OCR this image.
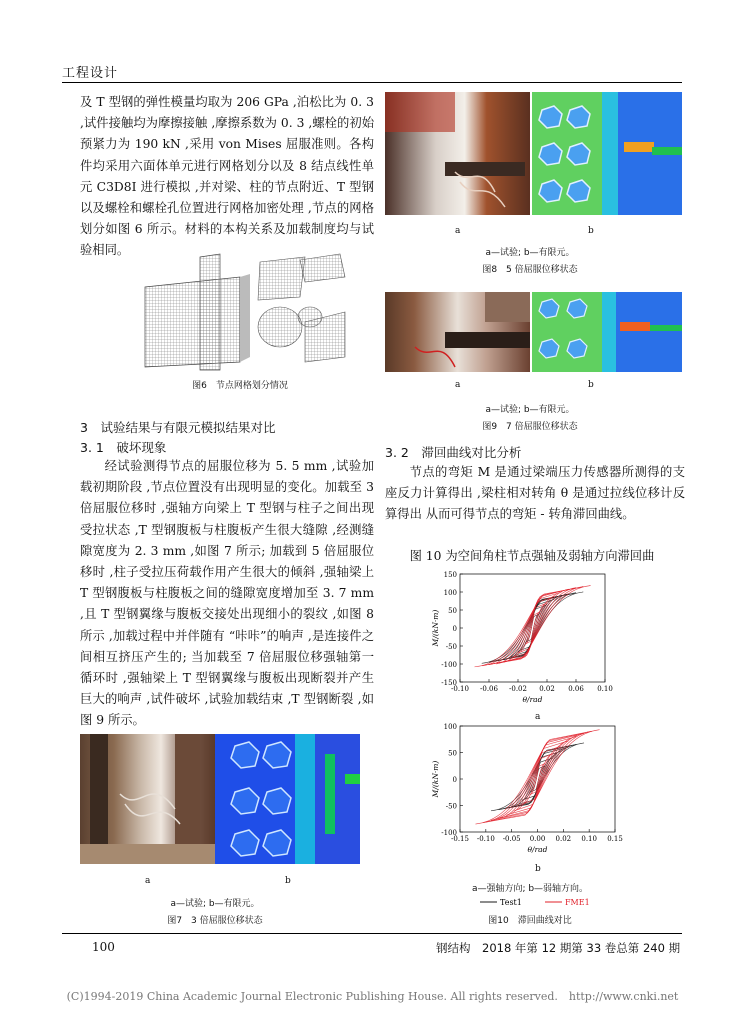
工程设计

及 T 型钢的弹性模量均取为 206 GPa ,泊松比为 0. 3 ,试件接触均为摩擦接触 ,摩擦系数为 0. 3 ,螺栓的初始预紧力为 190 kN ,采用 von Mises 屈服准则。各构件均采用六面体单元进行网格划分以及 8 结点线性单元 C3D8I 进行模拟 ,并对梁、柱的节点附近、T 型钢以及螺栓和螺栓孔位置进行网格加密处理 ,节点的网格划分如图 6 所示。材料的本构关系及加载制度均与试验相同。

图6　节点网格划分情况
3　试验结果与有限元模拟结果对比
3. 1　破坏现象
经试验测得节点的屈服位移为 5. 5 mm ,试验加载初期阶段 ,节点位置没有出现明显的变化。加载至 3 倍屈服位移时 ,强轴方向梁上 T 型钢与柱子之间出现受拉状态 ,T 型钢腹板与柱腹板产生很大缝隙 ,经测缝隙宽度为 2. 3 mm ,如图 7 所示; 加载到 5 倍屈服位移时 ,柱子受拉压荷载作用产生很大的倾斜 ,强轴梁上 T 型钢腹板与柱腹板之间的缝隙宽度增加至 3. 7 mm ,且 T 型钢翼缘与腹板交接处出现细小的裂纹 ,如图 8 所示 ,加载过程中并伴随有 “咔咔”的响声 ,是连接件之间相互挤压产生的; 当加载至 7 倍屈服位移强轴第一循环时 ,强轴梁上 T 型钢翼缘与腹板出现断裂并产生巨大的响声 ,试件破坏 ,试验加载结束 ,T 型钢断裂 ,如图 9 所示。
a	b
a—试验; b—有限元。
图7　3 倍屈服位移状态
a	b
a—试验; b—有限元。
图8　5 倍屈服位移状态
a	b
a—试验; b—有限元。
图9　7 倍屈服位移状态
3. 2　滞回曲线对比分析
节点的弯矩 M 是通过梁端压力传感器所测得的支座反力计算得出 ,梁柱相对转角 θ 是通过拉线位移计反算得出 从而可得节点的弯矩 - 转角滞回曲线。
图 10 为空间角柱节点强轴及弱轴方向滞回曲
150
100
50
0
-50
-100
-150
-0.10 -0.06 -0.02 0.02 0.06 0.10
θ/rad
M/(kN·m)
a
100
50
0
-50
-100
-0.15 -0.10 -0.05 0.00 0.02 0.10 0.15
θ/rad
M/(kN·m)
b
a—强轴方向; b—弱轴方向。
Test1	FME1
图10　滞回曲线对比
100	钢结构　2018 年第 12 期第 33 卷总第 240 期
(C)1994-2019 China Academic Journal Electronic Publishing House. All rights reserved.　http://www.cnki.net
